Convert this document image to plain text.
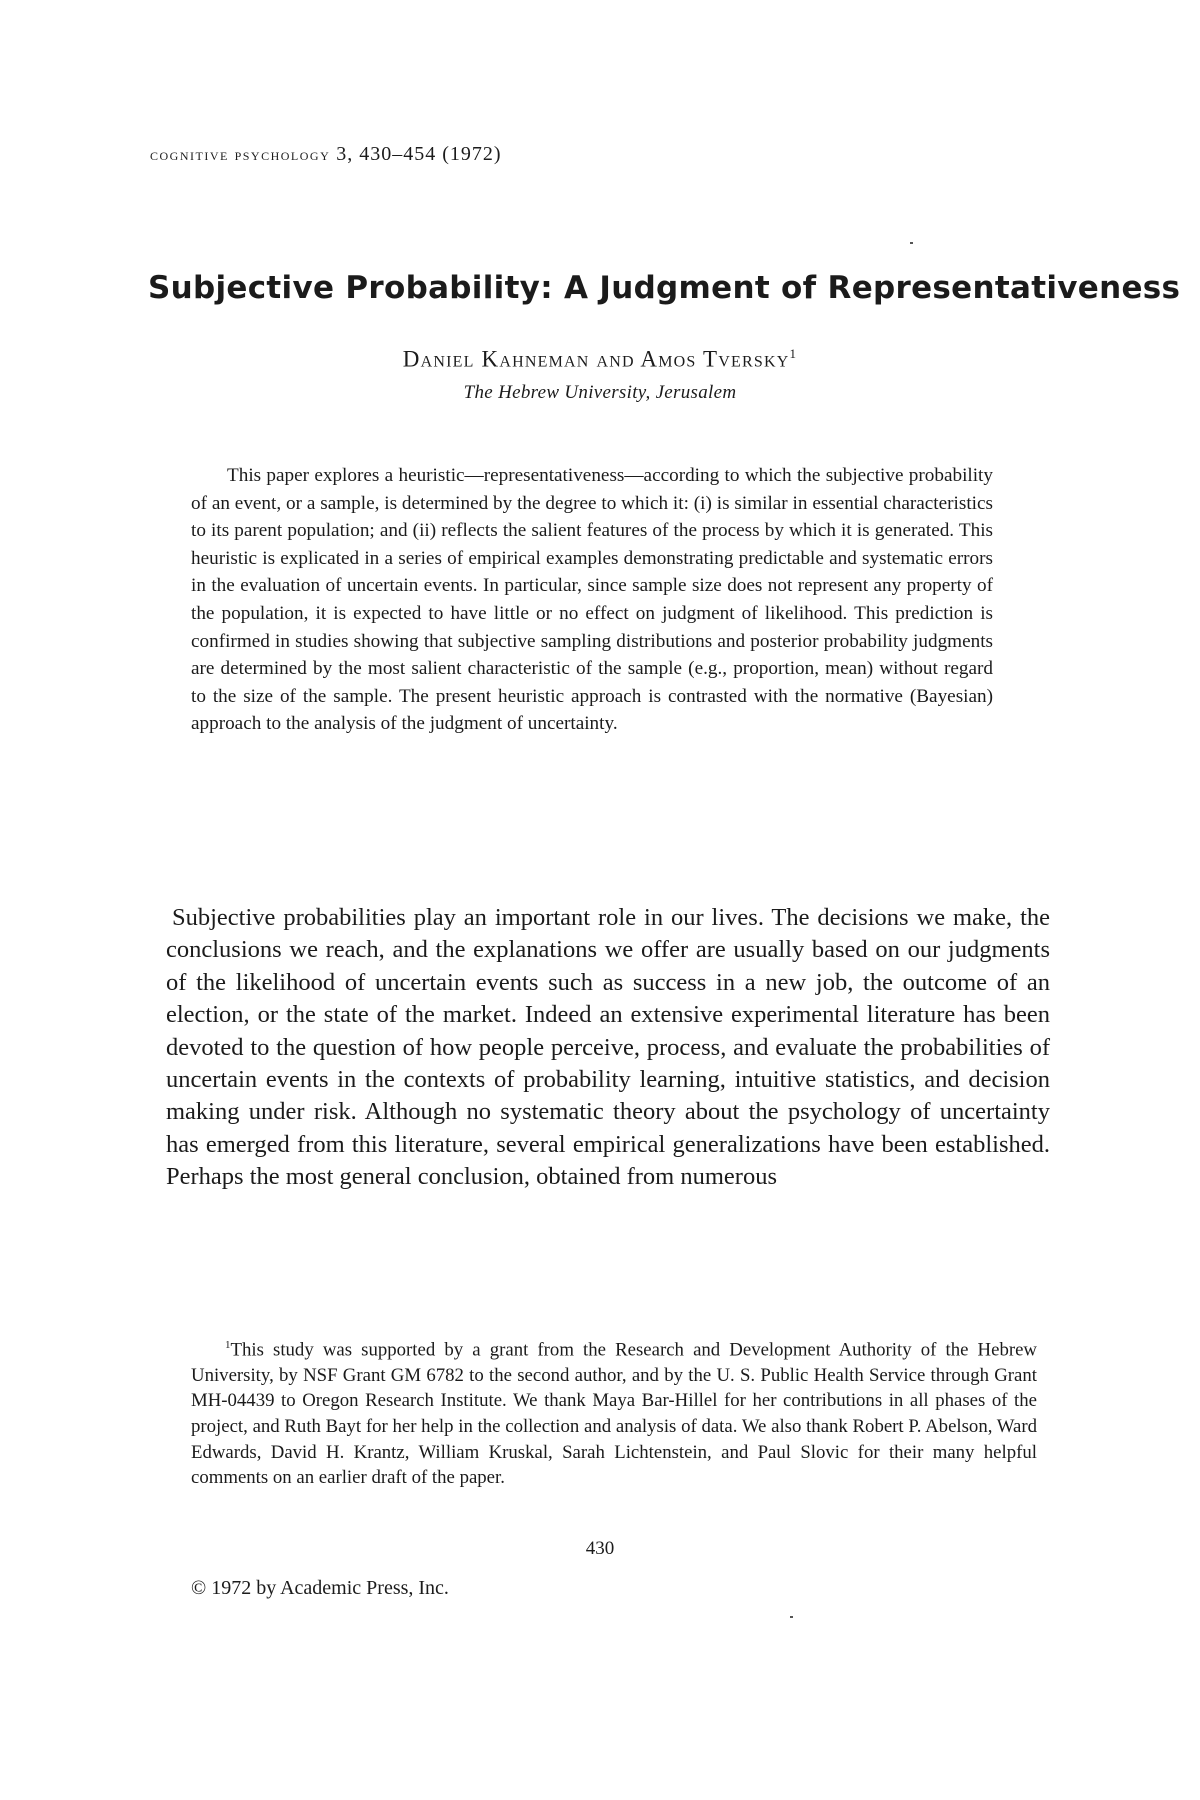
cognitive psychology 3, 430–454 (1972)
Subjective Probability: A Judgment of Representativeness
Daniel Kahneman and Amos Tversky$^1$
The Hebrew University, Jerusalem

This paper explores a heuristic—representativeness—according to which the subjective probability of an event, or a sample, is determined by the degree to which it: (i) is similar in essential characteristics to its parent population; and (ii) reflects the salient features of the process by which it is generated. This heuristic is explicated in a series of empirical examples demonstrating predictable and systematic errors in the evaluation of uncertain events. In particular, since sample size does not represent any property of the population, it is expected to have little or no effect on judgment of likelihood. This prediction is confirmed in studies showing that subjective sampling distributions and posterior probability judgments are determined by the most salient characteristic of the sample (e.g., proportion, mean) without regard to the size of the sample. The present heuristic approach is contrasted with the normative (Bayesian) approach to the analysis of the judgment of uncertainty.

Subjective probabilities play an important role in our lives. The decisions we make, the conclusions we reach, and the explanations we offer are usually based on our judgments of the likelihood of uncertain events such as success in a new job, the outcome of an election, or the state of the market. Indeed an extensive experimental literature has been devoted to the question of how people perceive, process, and evaluate the probabilities of uncertain events in the contexts of probability learning, intuitive statistics, and decision making under risk. Although no systematic theory about the psychology of uncertainty has emerged from this literature, several empirical generalizations have been established. Perhaps the most general conclusion, obtained from numerous

$^1$This study was supported by a grant from the Research and Development Authority of the Hebrew University, by NSF Grant GM 6782 to the second author, and by the U. S. Public Health Service through Grant MH-04439 to Oregon Research Institute. We thank Maya Bar-Hillel for her contributions in all phases of the project, and Ruth Bayt for her help in the collection and analysis of data. We also thank Robert P. Abelson, Ward Edwards, David H. Krantz, William Kruskal, Sarah Lichtenstein, and Paul Slovic for their many helpful comments on an earlier draft of the paper.

430
© 1972 by Academic Press, Inc.
